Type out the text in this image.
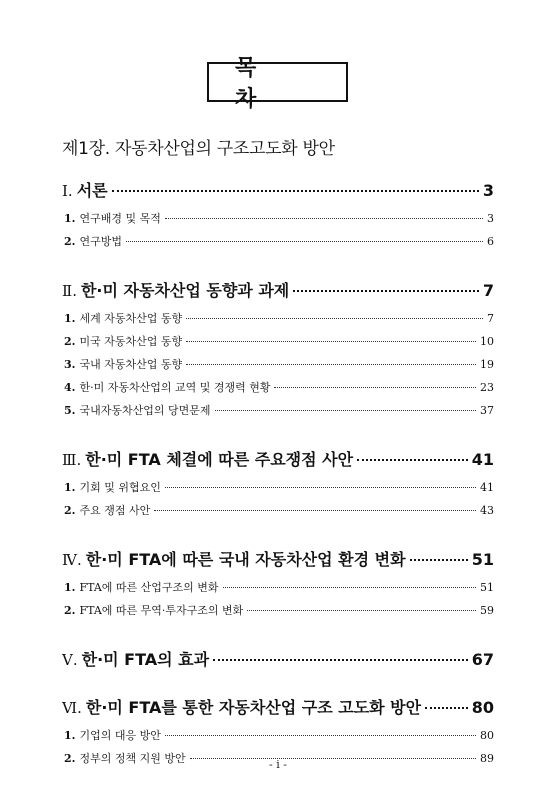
목 차
제1장. 자동차산업의 구조고도화 방안
Ⅰ. 서론	3
1. 연구배경 및 목적	3
2. 연구방법	6
Ⅱ. 한·미 자동차산업 동향과 과제	7
1. 세계 자동차산업 동향	7
2. 미국 자동차산업 동향	10
3. 국내 자동차산업 동향	19
4. 한·미 자동차산업의 교역 및 경쟁력 현황	23
5. 국내자동차산업의 당면문제	37
Ⅲ. 한·미 FTA 체결에 따른 주요쟁점 사안	41
1. 기회 및 위협요인	41
2. 주요 쟁점 사안	43
Ⅳ. 한·미 FTA에 따른 국내 자동차산업 환경 변화	51
1. FTA에 따른 산업구조의 변화	51
2. FTA에 따른 무역·투자구조의 변화	59
Ⅴ. 한·미 FTA의 효과	67
Ⅵ. 한·미 FTA를 통한 자동차산업 구조 고도화 방안	80
1. 기업의 대응 방안	80
2. 정부의 정책 지원 방안	89
- i -
